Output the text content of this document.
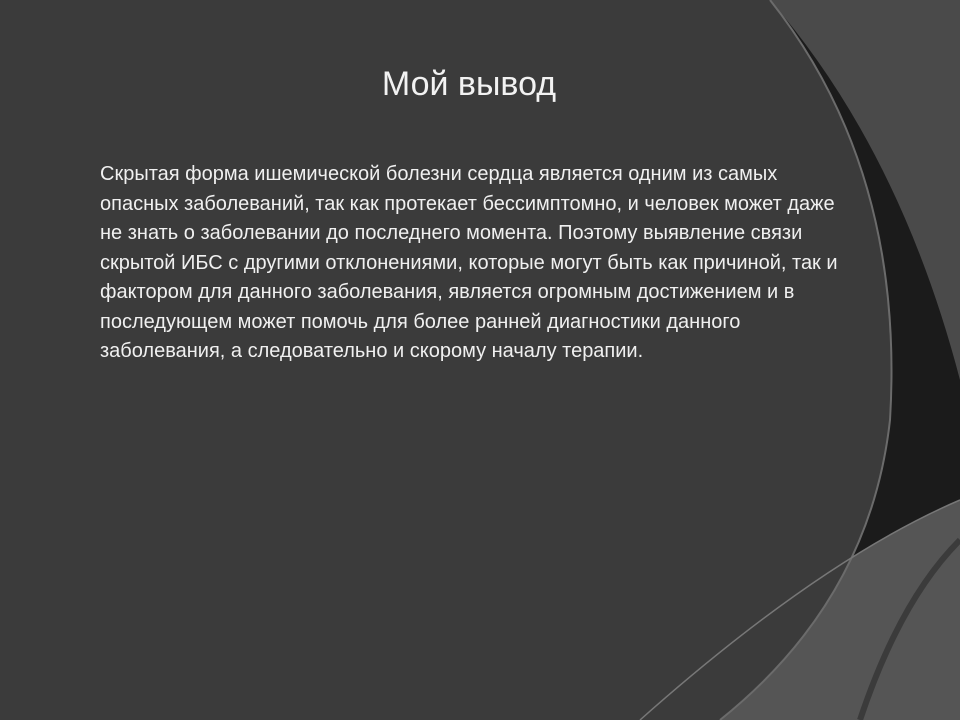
Мой вывод

Скрытая форма ишемической болезни сердца является одним из самых опасных заболеваний, так как протекает бессимптомно, и человек может даже не знать о заболевании до последнего момента. Поэтому выявление связи скрытой ИБС с другими отклонениями, которые могут быть как причиной, так и фактором для данного заболевания, является огромным достижением и в последующем может помочь для более ранней диагностики данного заболевания, а следовательно и скорому началу терапии.
